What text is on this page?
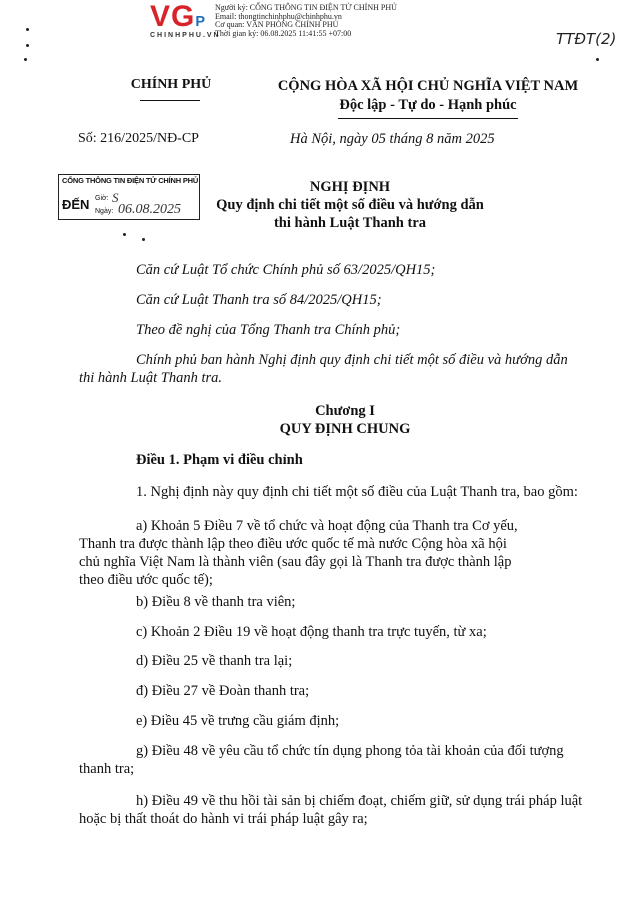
VGP
CHINHPHU.VN
Người ký: CỔNG THÔNG TIN ĐIỆN TỬ CHÍNH PHỦ
Email: thongtinchinhphu@chinhphu.vn
Cơ quan: VĂN PHÒNG CHÍNH PHỦ
Thời gian ký: 06.08.2025 11:41:55 +07:00	TTĐT(2)
CHÍNH PHỦ	CỘNG HÒA XÃ HỘI CHỦ NGHĨA VIỆT NAM
Độc lập - Tự do - Hạnh phúc
Số: 216/2025/NĐ-CP	Hà Nội, ngày 05 tháng 8 năm 2025
CỔNG THÔNG TIN ĐIỆN TỬ CHÍNH PHỦ
ĐẾN Giờ: S
Ngày: 06.08.2025
NGHỊ ĐỊNH
Quy định chi tiết một số điều và hướng dẫn
thi hành Luật Thanh tra
Căn cứ Luật Tổ chức Chính phủ số 63/2025/QH15;
Căn cứ Luật Thanh tra số 84/2025/QH15;
Theo đề nghị của Tổng Thanh tra Chính phủ;
Chính phủ ban hành Nghị định quy định chi tiết một số điều và hướng dẫn
thi hành Luật Thanh tra.
Chương I
QUY ĐỊNH CHUNG
Điều 1. Phạm vi điều chỉnh
1. Nghị định này quy định chi tiết một số điều của Luật Thanh tra, bao gồm:
a) Khoản 5 Điều 7 về tổ chức và hoạt động của Thanh tra Cơ yếu,
Thanh tra được thành lập theo điều ước quốc tế mà nước Cộng hòa xã hội
chủ nghĩa Việt Nam là thành viên (sau đây gọi là Thanh tra được thành lập
theo điều ước quốc tế);
b) Điều 8 về thanh tra viên;
c) Khoản 2 Điều 19 về hoạt động thanh tra trực tuyến, từ xa;
d) Điều 25 về thanh tra lại;
đ) Điều 27 về Đoàn thanh tra;
e) Điều 45 về trưng cầu giám định;
g) Điều 48 về yêu cầu tổ chức tín dụng phong tỏa tài khoản của đối tượng
thanh tra;
h) Điều 49 về thu hồi tài sản bị chiếm đoạt, chiếm giữ, sử dụng trái pháp luật
hoặc bị thất thoát do hành vi trái pháp luật gây ra;
